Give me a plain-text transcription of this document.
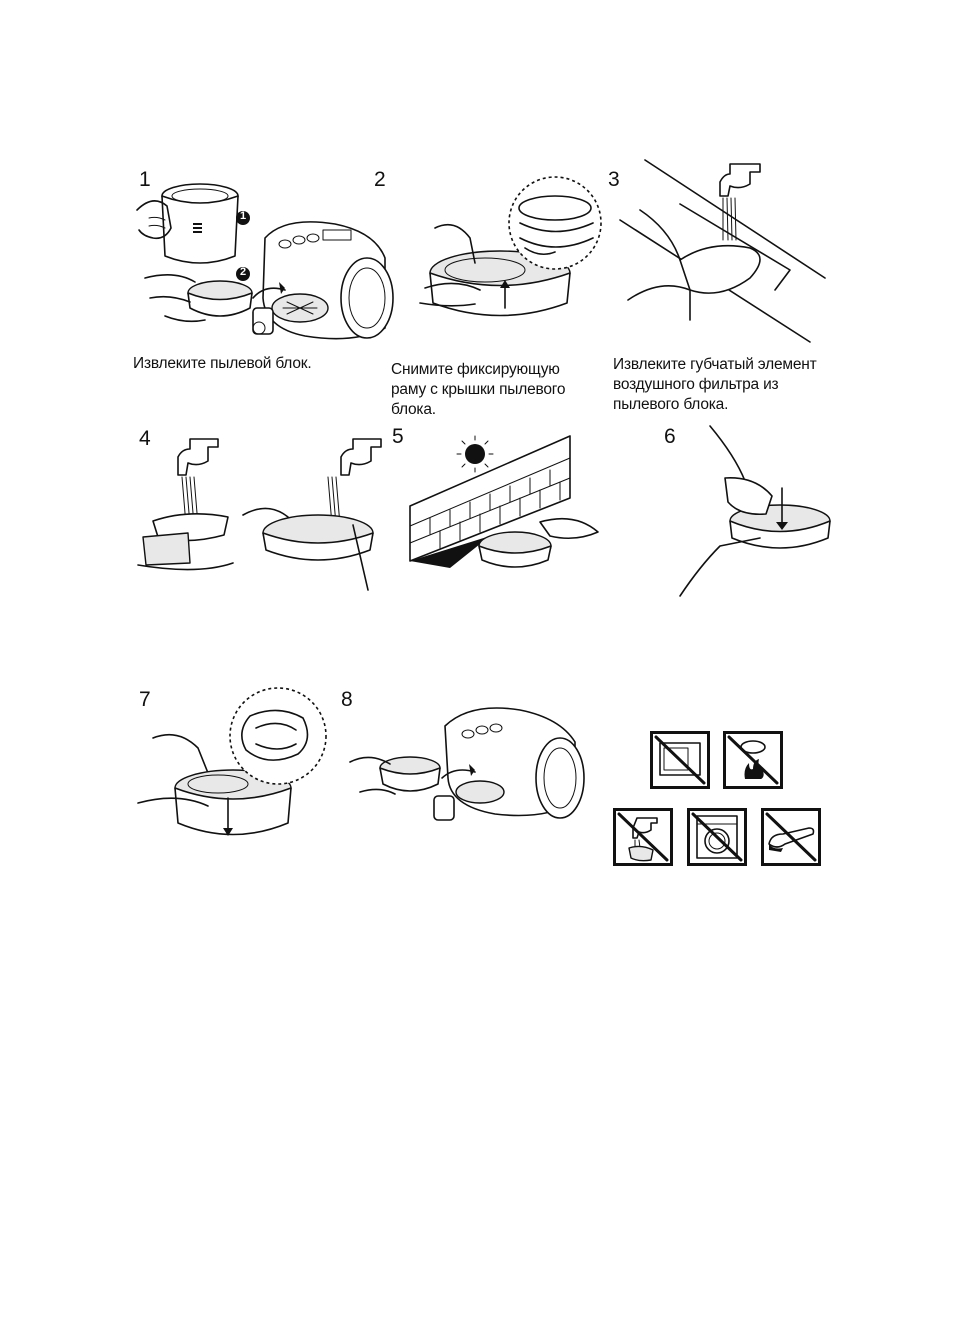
1	2	3
4	5	6
7	8
Извлеките пылевой блок.	Снимите фиксирующую
раму с крышки пылевого
блока.
Извлеките губчатый элемент
воздушного фильтра из
пылевого блока.
1
2
